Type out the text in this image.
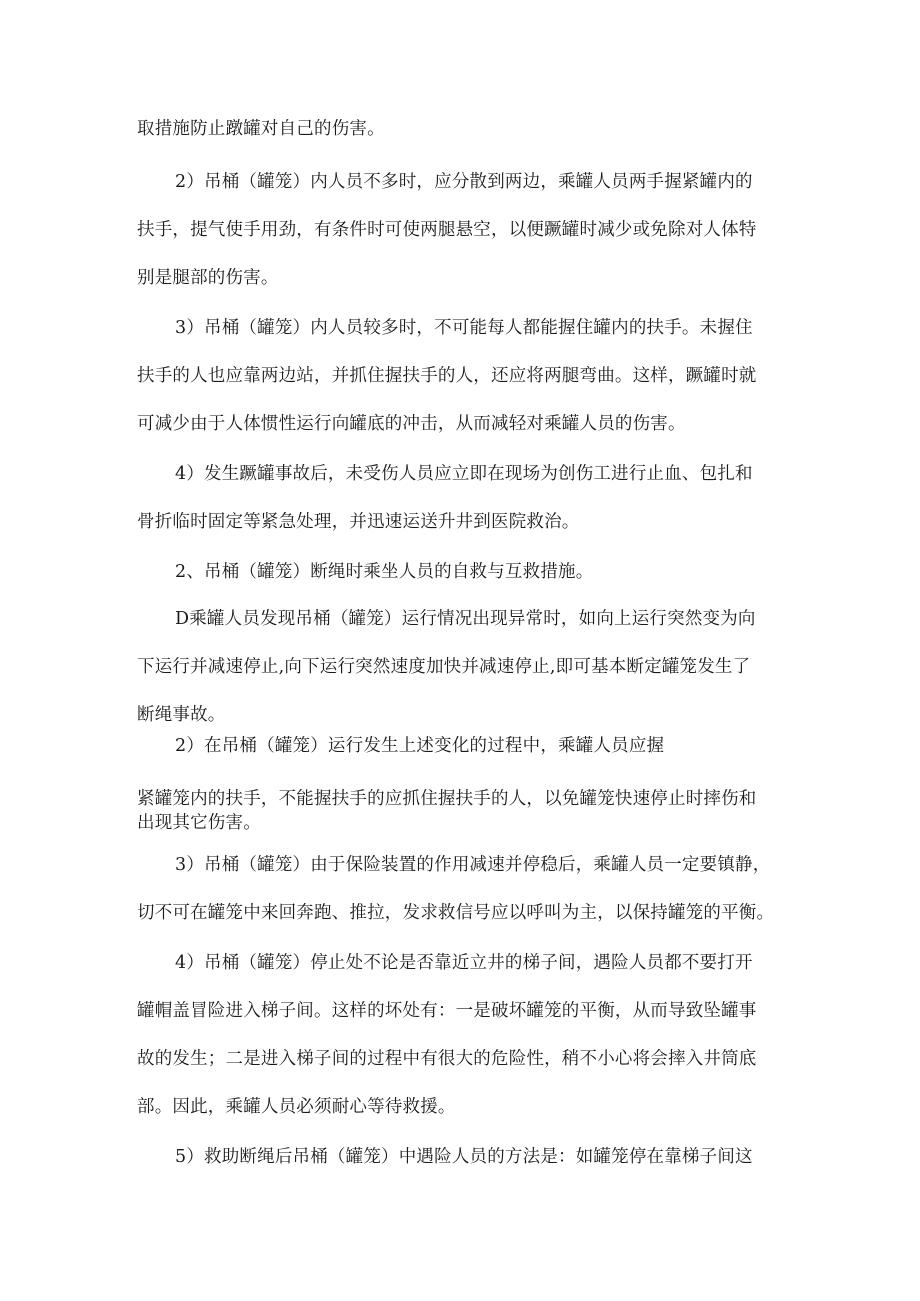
取措施防止蹾罐对自己的伤害。
2）吊桶（罐笼）内人员不多时，应分散到两边，乘罐人员两手握紧罐内的
扶手，提气使手用劲，有条件时可使两腿悬空，以便蹶罐时减少或免除对人体特
别是腿部的伤害。
3）吊桶（罐笼）内人员较多时，不可能每人都能握住罐内的扶手。未握住
扶手的人也应靠两边站，并抓住握扶手的人，还应将两腿弯曲。这样，蹶罐时就
可减少由于人体惯性运行向罐底的冲击，从而减轻对乘罐人员的伤害。
4）发生蹶罐事故后，未受伤人员应立即在现场为创伤工进行止血、包扎和
骨折临时固定等紧急处理，并迅速运送升井到医院救治。
2、吊桶（罐笼）断绳时乘坐人员的自救与互救措施。
D乘罐人员发现吊桶（罐笼）运行情况出现异常时，如向上运行突然变为向
下运行并减速停止,向下运行突然速度加快并减速停止,即可基本断定罐笼发生了
断绳事故。
2）在吊桶（罐笼）运行发生上述变化的过程中，乘罐人员应握
紧罐笼内的扶手，不能握扶手的应抓住握扶手的人，以免罐笼快速停止时摔伤和
出现其它伤害。
3）吊桶（罐笼）由于保险装置的作用减速并停稳后，乘罐人员一定要镇静，
切不可在罐笼中来回奔跑、推拉，发求救信号应以呼叫为主，以保持罐笼的平衡。
4）吊桶（罐笼）停止处不论是否靠近立井的梯子间，遇险人员都不要打开
罐帽盖冒险进入梯子间。这样的坏处有：一是破坏罐笼的平衡，从而导致坠罐事
故的发生；二是进入梯子间的过程中有很大的危险性，稍不小心将会摔入井筒底
部。因此，乘罐人员必须耐心等待救援。
5）救助断绳后吊桶（罐笼）中遇险人员的方法是：如罐笼停在靠梯子间这
